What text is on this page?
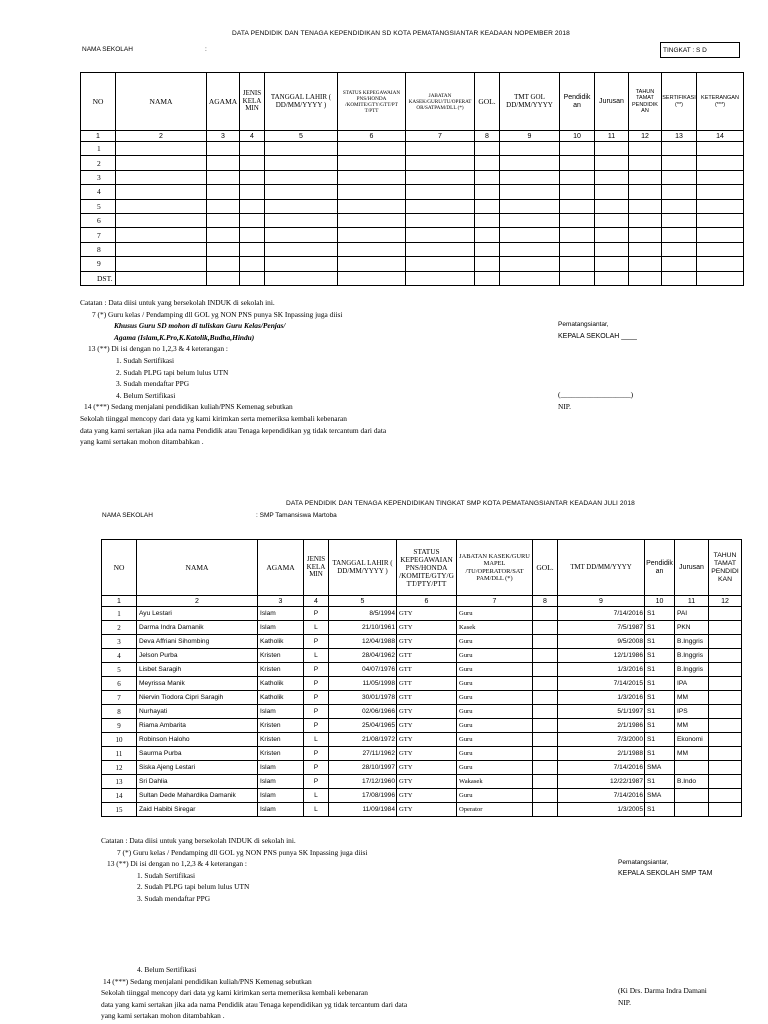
DATA PENDIDIK DAN TENAGA KEPENDIDIKAN SD KOTA PEMATANGSIANTAR KEADAAN NOPEMBER 2018
NAMA SEKOLAH	:	TINGKAT : S D
NO	NAMA	AGAMA	JENIS KELA MIN	TANGGAL LAHIR ( DD/MM/YYYY )	STATUS KEPEGAWAIAN PNS/HONDA /KOMITE/GTY/GTT/PT T/PTT	JABATAN KASEK/GURU/TU/OPERAT OR/SATPAM/DLL (*)	GOL.	TMT GOL DD/MM/YYYY	Pendidik an	Jurusan	TAHUN TAMAT PENDIDIK AN	SERTIFIKASI (**)	KETERANGAN (***)
1	2	3	4	5	6	7	8	9	10	11	12	13	14
1													
2													
3													
4													
5													
6													
7													
8													
9													
DST.													
Catatan : Data diisi untuk yang bersekolah INDUK di sekolah ini.
7 (*) Guru kelas / Pendamping dll GOL yg NON PNS punya SK Inpassing juga diisi
Khusus Guru SD mohon di tuliskan Guru Kelas/Penjas/
Agama (Islam,K.Pro,K.Katolik,Budha,Hindu)
13 (**) Di isi dengan no 1,2,3 & 4 keterangan :
1. Sudah Sertifikasi
2. Sudah PLPG tapi belum lulus UTN
3. Sudah mendaftar PPG
4. Belum Sertifikasi
14 (***) Sedang menjalani pendidikan kuliah/PNS Kemenag sebutkan
Sekolah tiinggal mencopy dari data yg kami kirimkan serta memeriksa kembali kebenaran
data yang kami sertakan jika ada nama Pendidik atau Tenaga kependidikan yg tidak tercantum dari data
yang kami sertakan mohon ditambahkan .
Pematangsiantar,
KEPALA SEKOLAH ____
(___________________)
NIP.
DATA PENDIDIK DAN TENAGA KEPENDIDIKAN TINGKAT SMP KOTA PEMATANGSIANTAR KEADAAN JULI 2018
NAMA SEKOLAH	: SMP Tamansiswa Martoba
NO	NAMA	AGAMA	JENIS KELA MIN	TANGGAL LAHIR ( DD/MM/YYYY )	STATUS KEPEGAWAIAN PNS/HONDA /KOMITE/GTY/G TT/PTY/PTT	JABATAN KASEK/GURU MAPEL /TU/OPERATOR/SAT PAM/DLL (*)	GOL.	TMT DD/MM/YYYY	Pendidik an	Jurusan	TAHUN TAMAT PENDIDI KAN
1	2	3	4	5	6	7	8	9	10	11	12
1	Ayu Lestari	Islam	P	8/5/1994	GTY	Guru		7/14/2016	S1	PAI	
2	Darma Indra Damanik	Islam	L	21/10/1961	GTY	Kasek		7/5/1987	S1	PKN	
3	Deva Affriani Sihombing	Katholik	P	12/04/1988	GTY	Guru		9/5/2008	S1	B.Inggris	
4	Jelson Purba	Kristen	L	28/04/1962	GTT	Guru		12/1/1986	S1	B.Inggris	
5	Lisbet Saragih	Kristen	P	04/07/1976	GTT	Guru		1/3/2016	S1	B.Inggris	
6	Meyrissa Manik	Katholik	P	11/05/1998	GTT	Guru		7/14/2015	S1	IPA	
7	Niervin Tiodora Cipri Saragih	Katholik	P	30/01/1978	GTT	Guru		1/3/2016	S1	MM	
8	Nurhayati	Islam	P	02/06/1966	GTY	Guru		5/1/1997	S1	IPS	
9	Riama Ambarita	Kristen	P	25/04/1965	GTY	Guru		2/1/1986	S1	MM	
10	Robinson Haloho	Kristen	L	21/08/1972	GTY	Guru		7/3/2000	S1	Ekonomi	
11	Saurma Purba	Kristen	P	27/11/1962	GTY	Guru		2/1/1988	S1	MM	
12	Siska Ajeng Lestari	Islam	P	28/10/1997	GTY	Guru		7/14/2016	SMA		
13	Sri Dahlia	Islam	P	17/12/1960	GTY	Wakasek		12/22/1987	S1	B.Indo	
14	Sultan Dede Mahardika Damanik	Islam	L	17/08/1996	GTY	Guru		7/14/2016	SMA		
15	Zaid Habibi Siregar	Islam	L	11/09/1984	GTY	Operator		1/3/2005	S1		
Catatan : Data diisi untuk yang bersekolah INDUK di sekolah ini.
7 (*) Guru kelas / Pendamping dll GOL yg NON PNS punya SK Inpassing juga diisi
13 (**) Di isi dengan no 1,2,3 & 4 keterangan :
1. Sudah Sertifikasi
2. Sudah PLPG tapi belum lulus UTN
3. Sudah mendaftar PPG
4. Belum Sertifikasi
14 (***) Sedang menjalani pendidikan kuliah/PNS Kemenag sebutkan
Sekolah tiinggal mencopy dari data yg kami kirimkan serta memeriksa kembali kebenaran
data yang kami sertakan jika ada nama Pendidik atau Tenaga kependidikan yg tidak tercantum dari data
yang kami sertakan mohon ditambahkan .
Pematangsiantar,
KEPALA SEKOLAH SMP TAM
(Ki Drs. Darma Indra Damani
NIP.
